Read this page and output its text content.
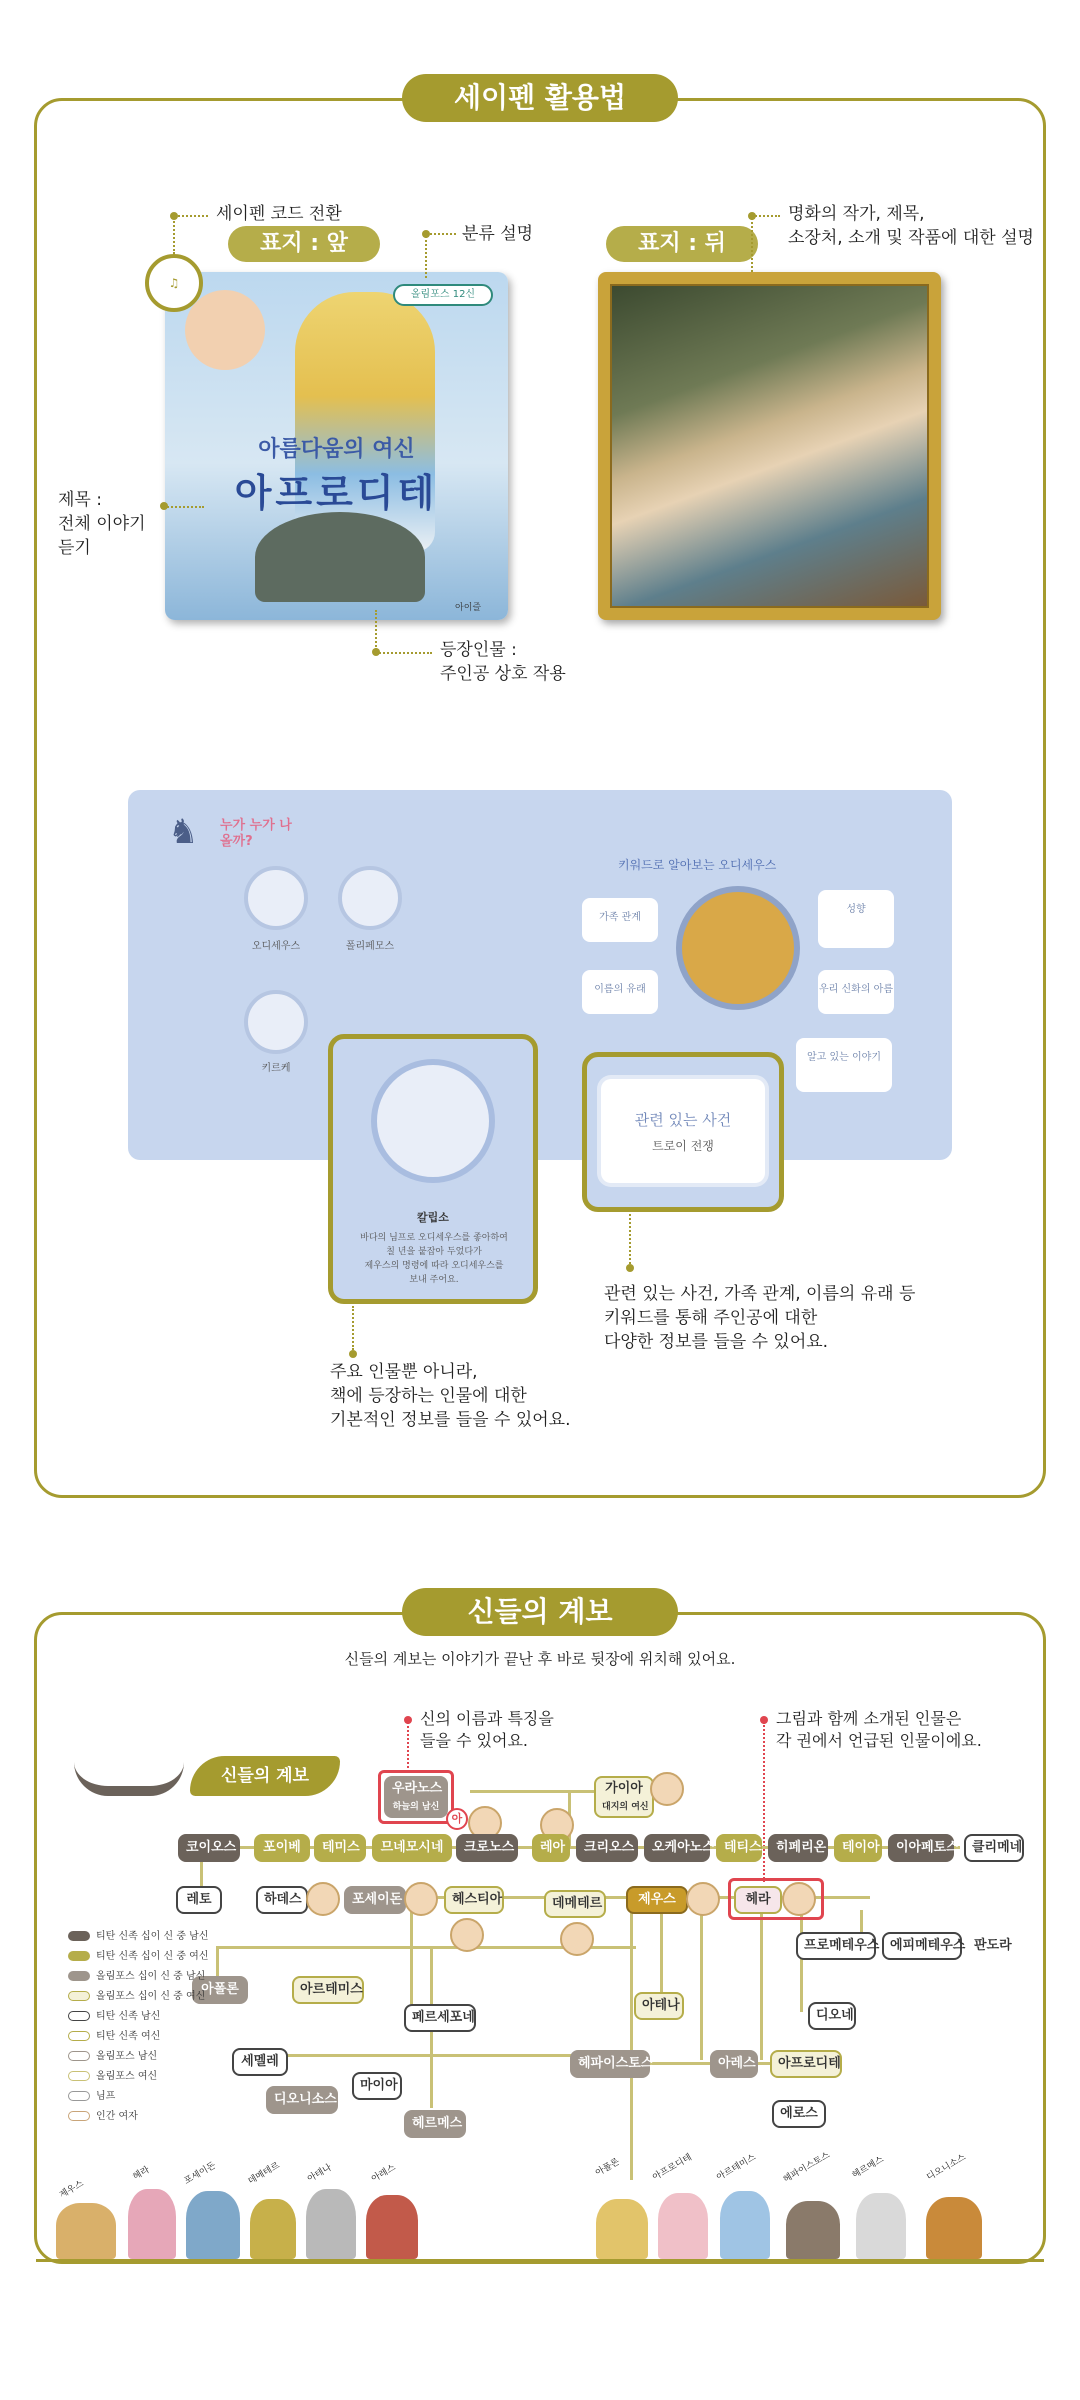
세이펜 활용법
표지 : 앞
올림포스 12신
아름다움의 여신
아프로디테
아이즐
♫
세이펜 코드 전환
분류 설명
제목 :
전체 이야기
듣기
등장인물 :
주인공 상호 작용
표지 : 뒤
명화의 작가, 제목,
소장처, 소개 및 작품에 대한 설명
♞ 누가 누가 나올까?
오디세우스	폴리페모스
키르케
키워드로 알아보는 오디세우스
가족 관계
이름의 유래
성향
우리 신화의 아름
알고 있는 이야기
칼립소
바다의 님프로 오디세우스를 좋아하여
칠 년을 붙잡아 두었다가
제우스의 명령에 따라 오디세우스를
보내 주어요.
관련 있는 사건
트로이 전쟁
주요 인물뿐 아니라,
책에 등장하는 인물에 대한
기본적인 정보를 들을 수 있어요.
관련 있는 사건, 가족 관계, 이름의 유래 등
키워드를 통해 주인공에 대한
다양한 정보를 들을 수 있어요.
신들의 계보
신들의 계보는 이야기가 끝난 후 바로 뒷장에 위치해 있어요.
신의 이름과 특징을
들을 수 있어요.
그림과 함께 소개된 인물은
각 권에서 언급된 인물이에요.
신들의 계보
우라노스
하늘의 남신
가이아
대지의 여신
아
코이오스	포이베	테미스	므네모시네	크로노스	레아	크리오스	오케아노스 테티스	히페리온	테이아	이아페토스	클리메네
레토	하데스	포세이돈	헤스티아	데메테르	제우스	헤라
프로메테우스 에피메테우스 판도라
아폴론	아르테미스
아테나
페르세포네	디오네
세멜레
마이아
헤파이스토스	아레스	아프로디테
디오니소스
헤르메스
에로스
티탄 신족 십이 신 중 남신
티탄 신족 십이 신 중 여신
올림포스 십이 신 중 남신
올림포스 십이 신 중 여신
티탄 신족 남신
티탄 신족 여신
올림포스 남신
올림포스 여신
님프
인간 여자
제우스
헤라	포세이돈	데메테르	아테나	아레스	아폴론	아프로디테 아르테미스	헤파이스토스 헤르메스	디오니소스
